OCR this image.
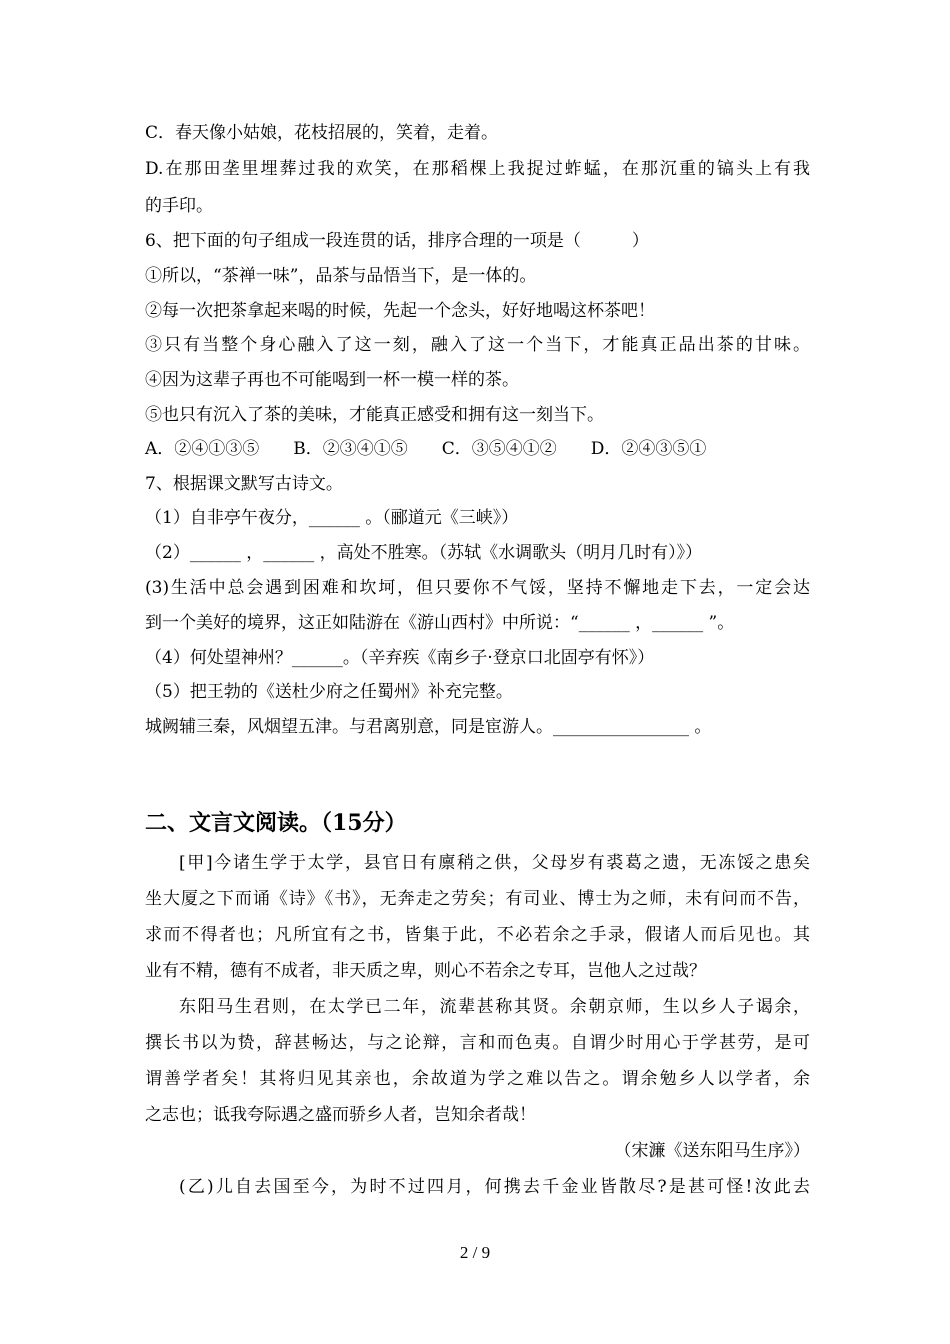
C．春天像小姑娘，花枝招展的，笑着，走着。
D.在那田垄里埋葬过我的欢笑，在那稻棵上我捉过蚱蜢，在那沉重的镐头上有我
的手印。
6、把下面的句子组成一段连贯的话，排序合理的一项是（　　　）
①所以，“茶禅一味”，品茶与品悟当下，是一体的。
②每一次把茶拿起来喝的时候，先起一个念头，好好地喝这杯茶吧！
③只有当整个身心融入了这一刻，融入了这一个当下，才能真正品出茶的甘味。
④因为这辈子再也不可能喝到一杯一模一样的茶。
⑤也只有沉入了茶的美味，才能真正感受和拥有这一刻当下。
A．②④①③⑤　　B．②③④①⑤　　C．③⑤④①②　　D．②④③⑤①
7、根据课文默写古诗文。
（1）自非亭午夜分，______ 。（郦道元《三峡》）
（2）______ ，______ ，高处不胜寒。（苏轼《水调歌头（明月几时有）》）
(3)生活中总会遇到困难和坎坷，但只要你不气馁，坚持不懈地走下去，一定会达
到一个美好的境界，这正如陆游在《游山西村》中所说：“______ ，______ ”。
（4）何处望神州？______。（辛弃疾《南乡子·登京口北固亭有怀》）
（5）把王勃的《送杜少府之任蜀州》补充完整。
城阙辅三秦，风烟望五津。与君离别意，同是宦游人。________________ 。
二、文言文阅读。（15分）
[甲]今诸生学于太学，县官日有廪稍之供，父母岁有裘葛之遗，无冻馁之患矣
坐大厦之下而诵《诗》《书》，无奔走之劳矣；有司业、博士为之师，未有问而不告，
求而不得者也；凡所宜有之书，皆集于此，不必若余之手录，假诸人而后见也。其
业有不精，德有不成者，非天质之卑，则心不若余之专耳，岂他人之过哉？
东阳马生君则，在太学已二年，流辈甚称其贤。余朝京师，生以乡人子谒余，
撰长书以为贽，辞甚畅达，与之论辩，言和而色夷。自谓少时用心于学甚劳，是可
谓善学者矣！其将归见其亲也，余故道为学之难以告之。谓余勉乡人以学者，余
之志也；诋我夸际遇之盛而骄乡人者，岂知余者哉！
（宋濂《送东阳马生序》）
(乙)儿自去国至今，为时不过四月，何携去千金业皆散尽?是甚可怪!汝此去
2 / 9
